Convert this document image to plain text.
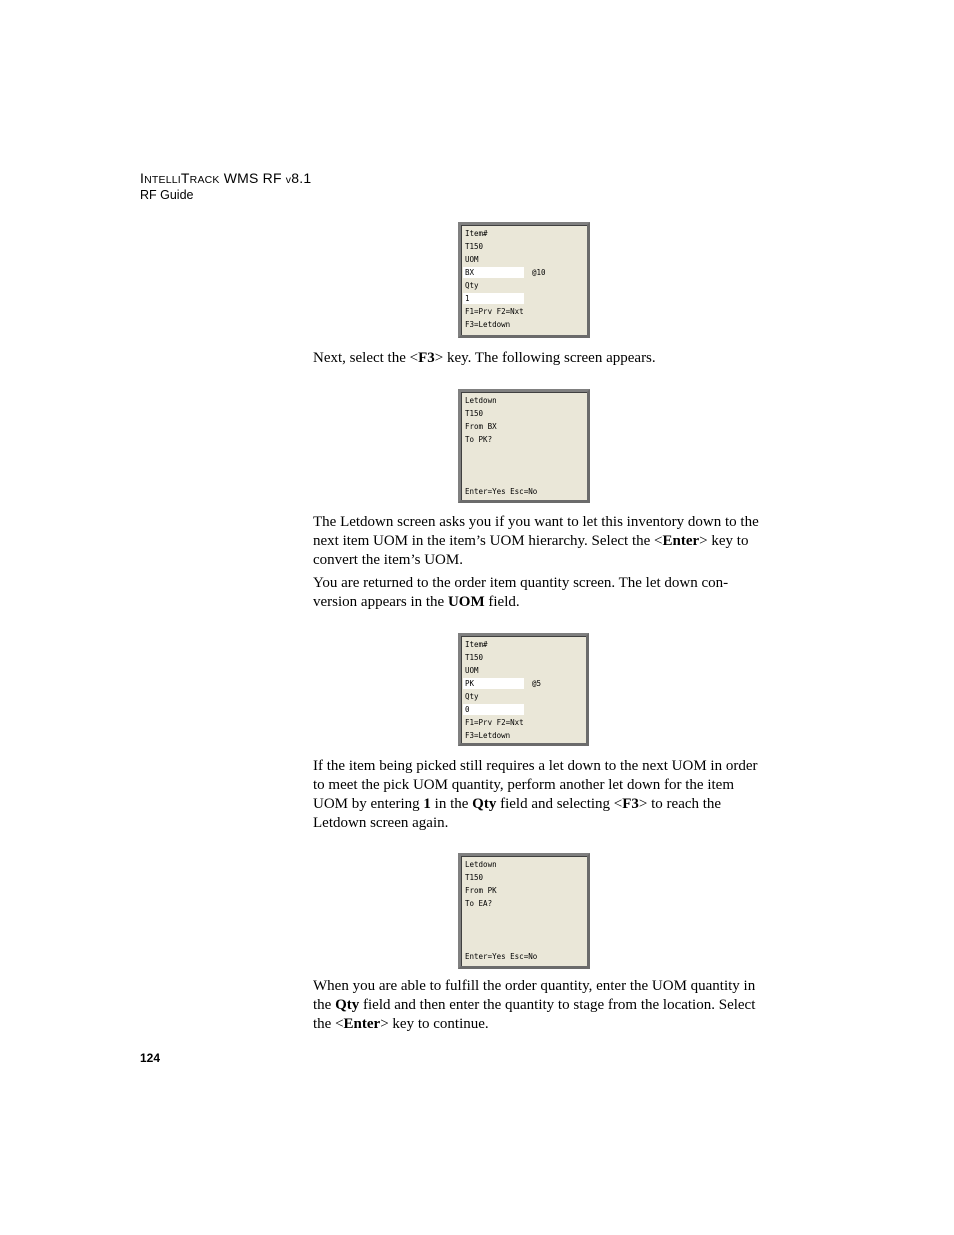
INTELLITRACK WMS RF v8.1
RF Guide
Item#
T150
UOM
BX	@10
Qty
1
F1=Prv F2=Nxt
F3=Letdown

Next, select the <F3> key. The following screen appears.

Letdown
T150
From BX
To PK?
Enter=Yes Esc=No

The Letdown screen asks you if you want to let this inventory down to the next item UOM in the item’s UOM hierarchy. Select the <Enter> key to convert the item’s UOM.

You are returned to the order item quantity screen. The let down con-version appears in the UOM field.

Item#
T150
UOM
PK	@5
Qty
0
F1=Prv F2=Nxt
F3=Letdown

If the item being picked still requires a let down to the next UOM in order to meet the pick UOM quantity, perform another let down for the item UOM by entering 1 in the Qty field and selecting <F3> to reach the Letdown screen again.

Letdown
T150
From PK
To EA?
Enter=Yes Esc=No

When you are able to fulfill the order quantity, enter the UOM quantity in the Qty field and then enter the quantity to stage from the location. Select the <Enter> key to continue.

124
